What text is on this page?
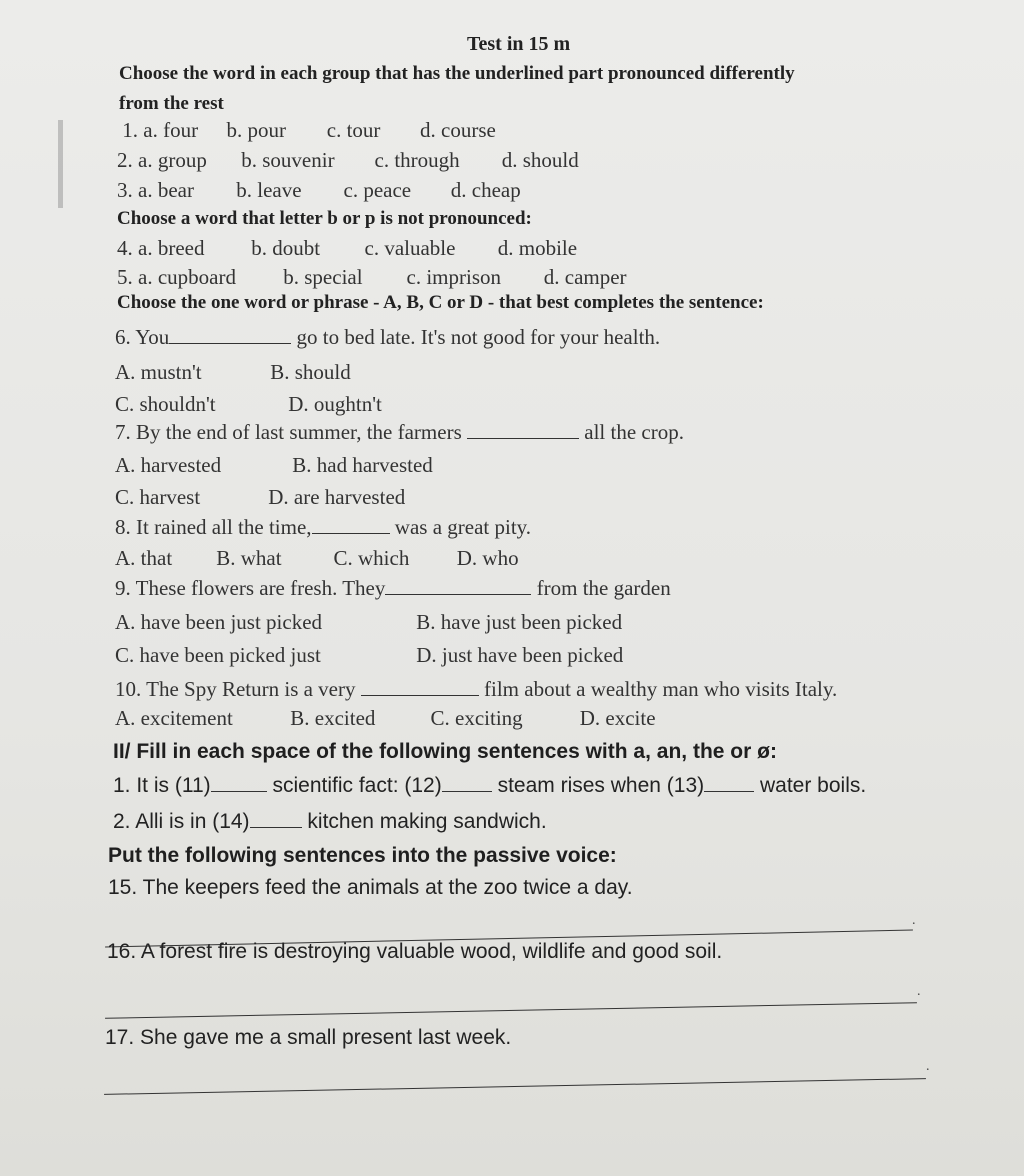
Test in 15 m
Choose the word in each group that has the underlined part pronounced differently
from the rest
1. a. four b. pour c. tour d. course
2. a. group b. souvenir c. through d. should
3. a. bear b. leave c. peace d. cheap
Choose a word that letter b or p is not pronounced:
4. a. breed b. doubt c. valuable d. mobile
5. a. cupboard b. special c. imprison d. camper
Choose the one word or phrase - A, B, C or D - that best completes the sentence:
6. You	go to bed late. It's not good for your health.
A. mustn't	B. should
C. shouldn't	D. oughtn't
7. By the end of last summer, the farmers	all the crop.
A. harvested	B. had harvested
C. harvest	D. are harvested
8. It rained all the time,	was a great pity.
A. that B. what C. which D. who
9. These flowers are fresh. They	from the garden
A. have been just picked	B. have just been picked
C. have been picked just	D. just have been picked
10. The Spy Return is a very	film about a wealthy man who visits Italy.
A. excitement	B. excited	C. exciting	D. excite
II/ Fill in each space of the following sentences with a, an, the or ø:
1. It is (11)	scientific fact: (12)	steam rises when (13)	water boils.
2. Alli is in (14)	kitchen making sandwich.
Put the following sentences into the passive voice:
15. The keepers feed the animals at the zoo twice a day.
.
16. A forest fire is destroying valuable wood, wildlife and good soil.
.
17. She gave me a small present last week.
.
